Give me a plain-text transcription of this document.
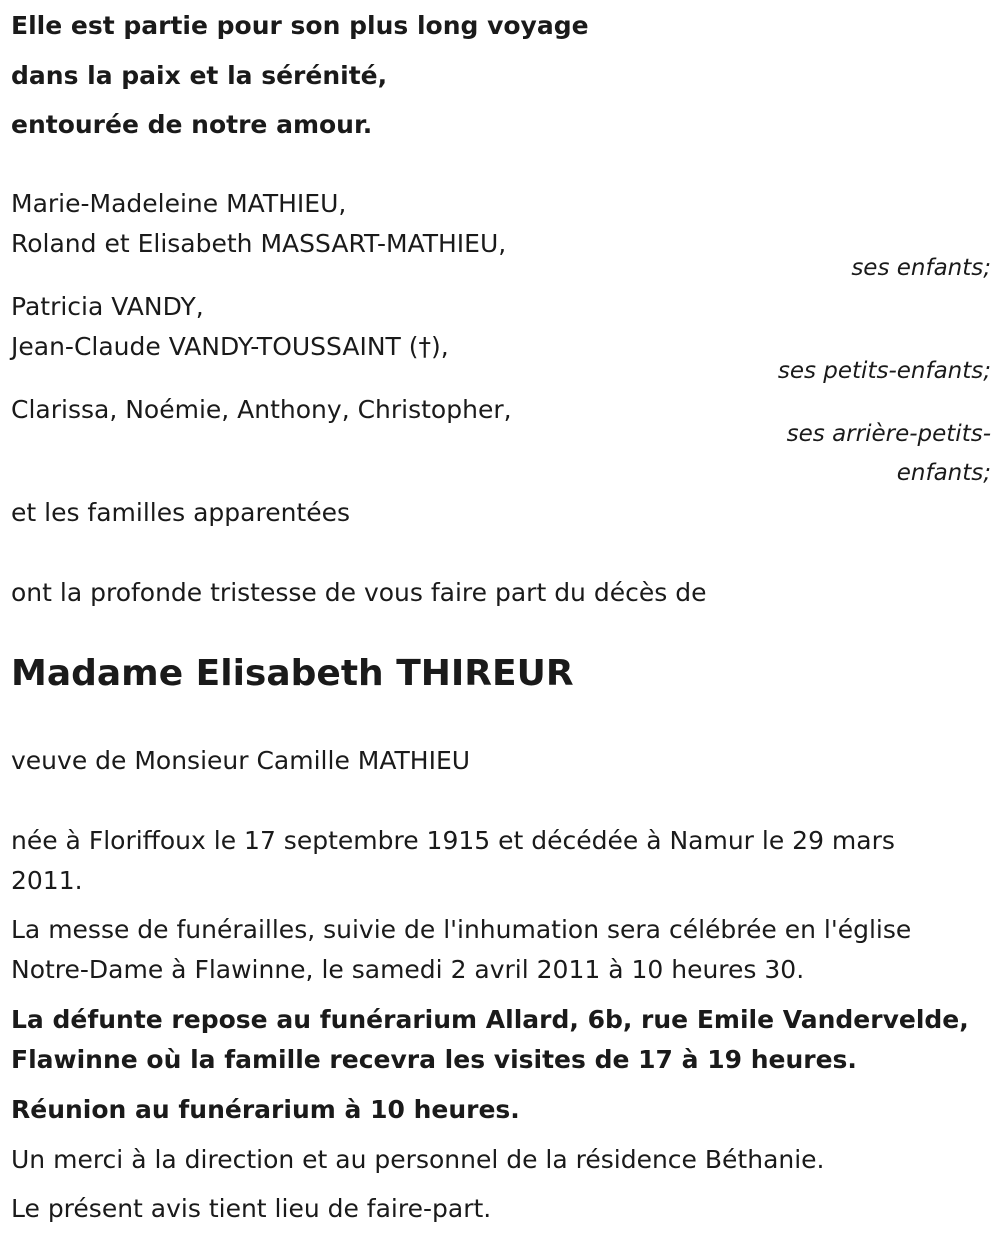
Elle est partie pour son plus long voyage
dans la paix et la sérénité,
entourée de notre amour.
Marie-Madeleine MATHIEU,
Roland et Elisabeth MASSART-MATHIEU,
ses enfants;
Patricia VANDY,
Jean-Claude VANDY-TOUSSAINT (†),
ses petits-enfants;
Clarissa, Noémie, Anthony, Christopher,
ses arrière-petits-
enfants;
et les familles apparentées
ont la profonde tristesse de vous faire part du décès de
Madame Elisabeth THIREUR
veuve de Monsieur Camille MATHIEU
née à Floriffoux le 17 septembre 1915 et décédée à Namur le 29 mars 2011.
La messe de funérailles, suivie de l'inhumation sera célébrée en l'église Notre-Dame à Flawinne, le samedi 2 avril 2011 à 10 heures 30.
La défunte repose au funérarium Allard, 6b, rue Emile Vandervelde, Flawinne où la famille recevra les visites de 17 à 19 heures.
Réunion au funérarium à 10 heures.
Un merci à la direction et au personnel de la résidence Béthanie.
Le présent avis tient lieu de faire-part.
